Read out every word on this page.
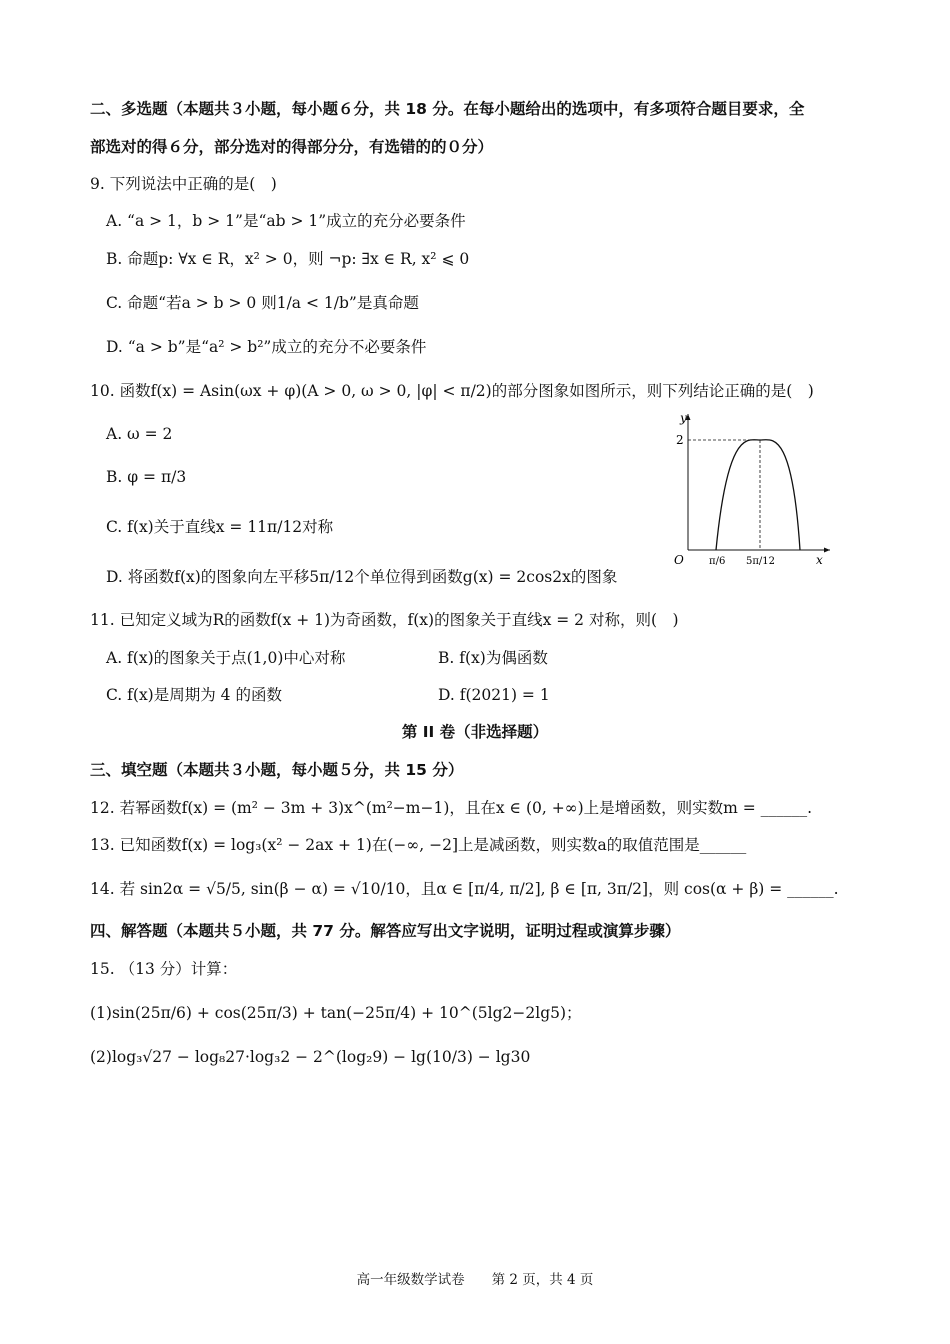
二、多选题（本题共３小题，每小题６分，共 18 分。在每小题给出的选项中，有多项符合题目要求，全
部选对的得６分，部分选对的得部分分，有选错的的０分）
9. 下列说法中正确的是(　)
A. “a > 1，b > 1”是“ab > 1”成立的充分必要条件
B. 命题p: ∀x ∈ R，x² > 0，则 ¬p: ∃x ∈ R, x² ⩽ 0
C. 命题“若a > b > 0 则1/a < 1/b”是真命题
D. “a > b”是“a² > b²”成立的充分不必要条件
10. 函数f(x) = Asin(ωx + φ)(A > 0, ω > 0, |φ| < π/2)的部分图象如图所示，则下列结论正确的是(　)
A. ω = 2
B. φ = π/3
C. f(x)关于直线x = 11π/12对称
D. 将函数f(x)的图象向左平移5π/12个单位得到函数g(x) = 2cos2x的图象
y
x
O
2
π/6 5π/12
11. 已知定义域为R的函数f(x + 1)为奇函数，f(x)的图象关于直线x = 2 对称，则(　)
A. f(x)的图象关于点(1,0)中心对称	B. f(x)为偶函数
C. f(x)是周期为 4 的函数	D. f(2021) = 1
第 II 卷（非选择题）
三、填空题（本题共３小题，每小题５分，共 15 分）
12. 若幂函数f(x) = (m² − 3m + 3)x^(m²−m−1)，且在x ∈ (0, +∞)上是增函数，则实数m = ______.
13. 已知函数f(x) = log₃(x² − 2ax + 1)在(−∞, −2]上是减函数，则实数a的取值范围是______
14. 若 sin2α = √5/5, sin(β − α) = √10/10，且α ∈ [π/4, π/2], β ∈ [π, 3π/2]，则 cos(α + β) = ______.
四、解答题（本题共５小题，共 77 分。解答应写出文字说明，证明过程或演算步骤）
15. （13 分）计算：
(1)sin(25π/6) + cos(25π/3) + tan(−25π/4) + 10^(5lg2−2lg5)；
(2)log₃√27 − log₈27·log₃2 − 2^(log₂9) − lg(10/3) − lg30
高一年级数学试卷　　第 2 页，共 4 页
